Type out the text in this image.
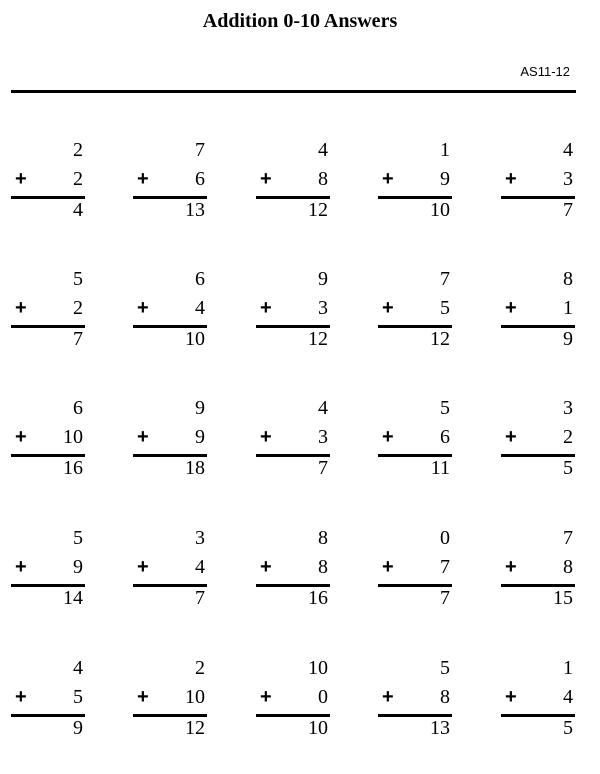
Addition 0-10 Answers
AS11-12
2
+ 2
4
7
+ 6
13
4
+ 8
12
1
+ 9
10
4
+ 3
7
5
+ 2
7
6
+ 4
10
9
+ 3
12
7
+ 5
12
8
+ 1
9
6
+ 10
16
9
+ 9
18
4
+ 3
7
5
+ 6
11
3
+ 2
5
5
+ 9
14
3
+ 4
7
8
+ 8
16
0
+ 7
7
7
+ 8
15
4
+ 5
9
2
+ 10
12
10
+ 0
10
5
+ 8
13
1
+ 4
5
